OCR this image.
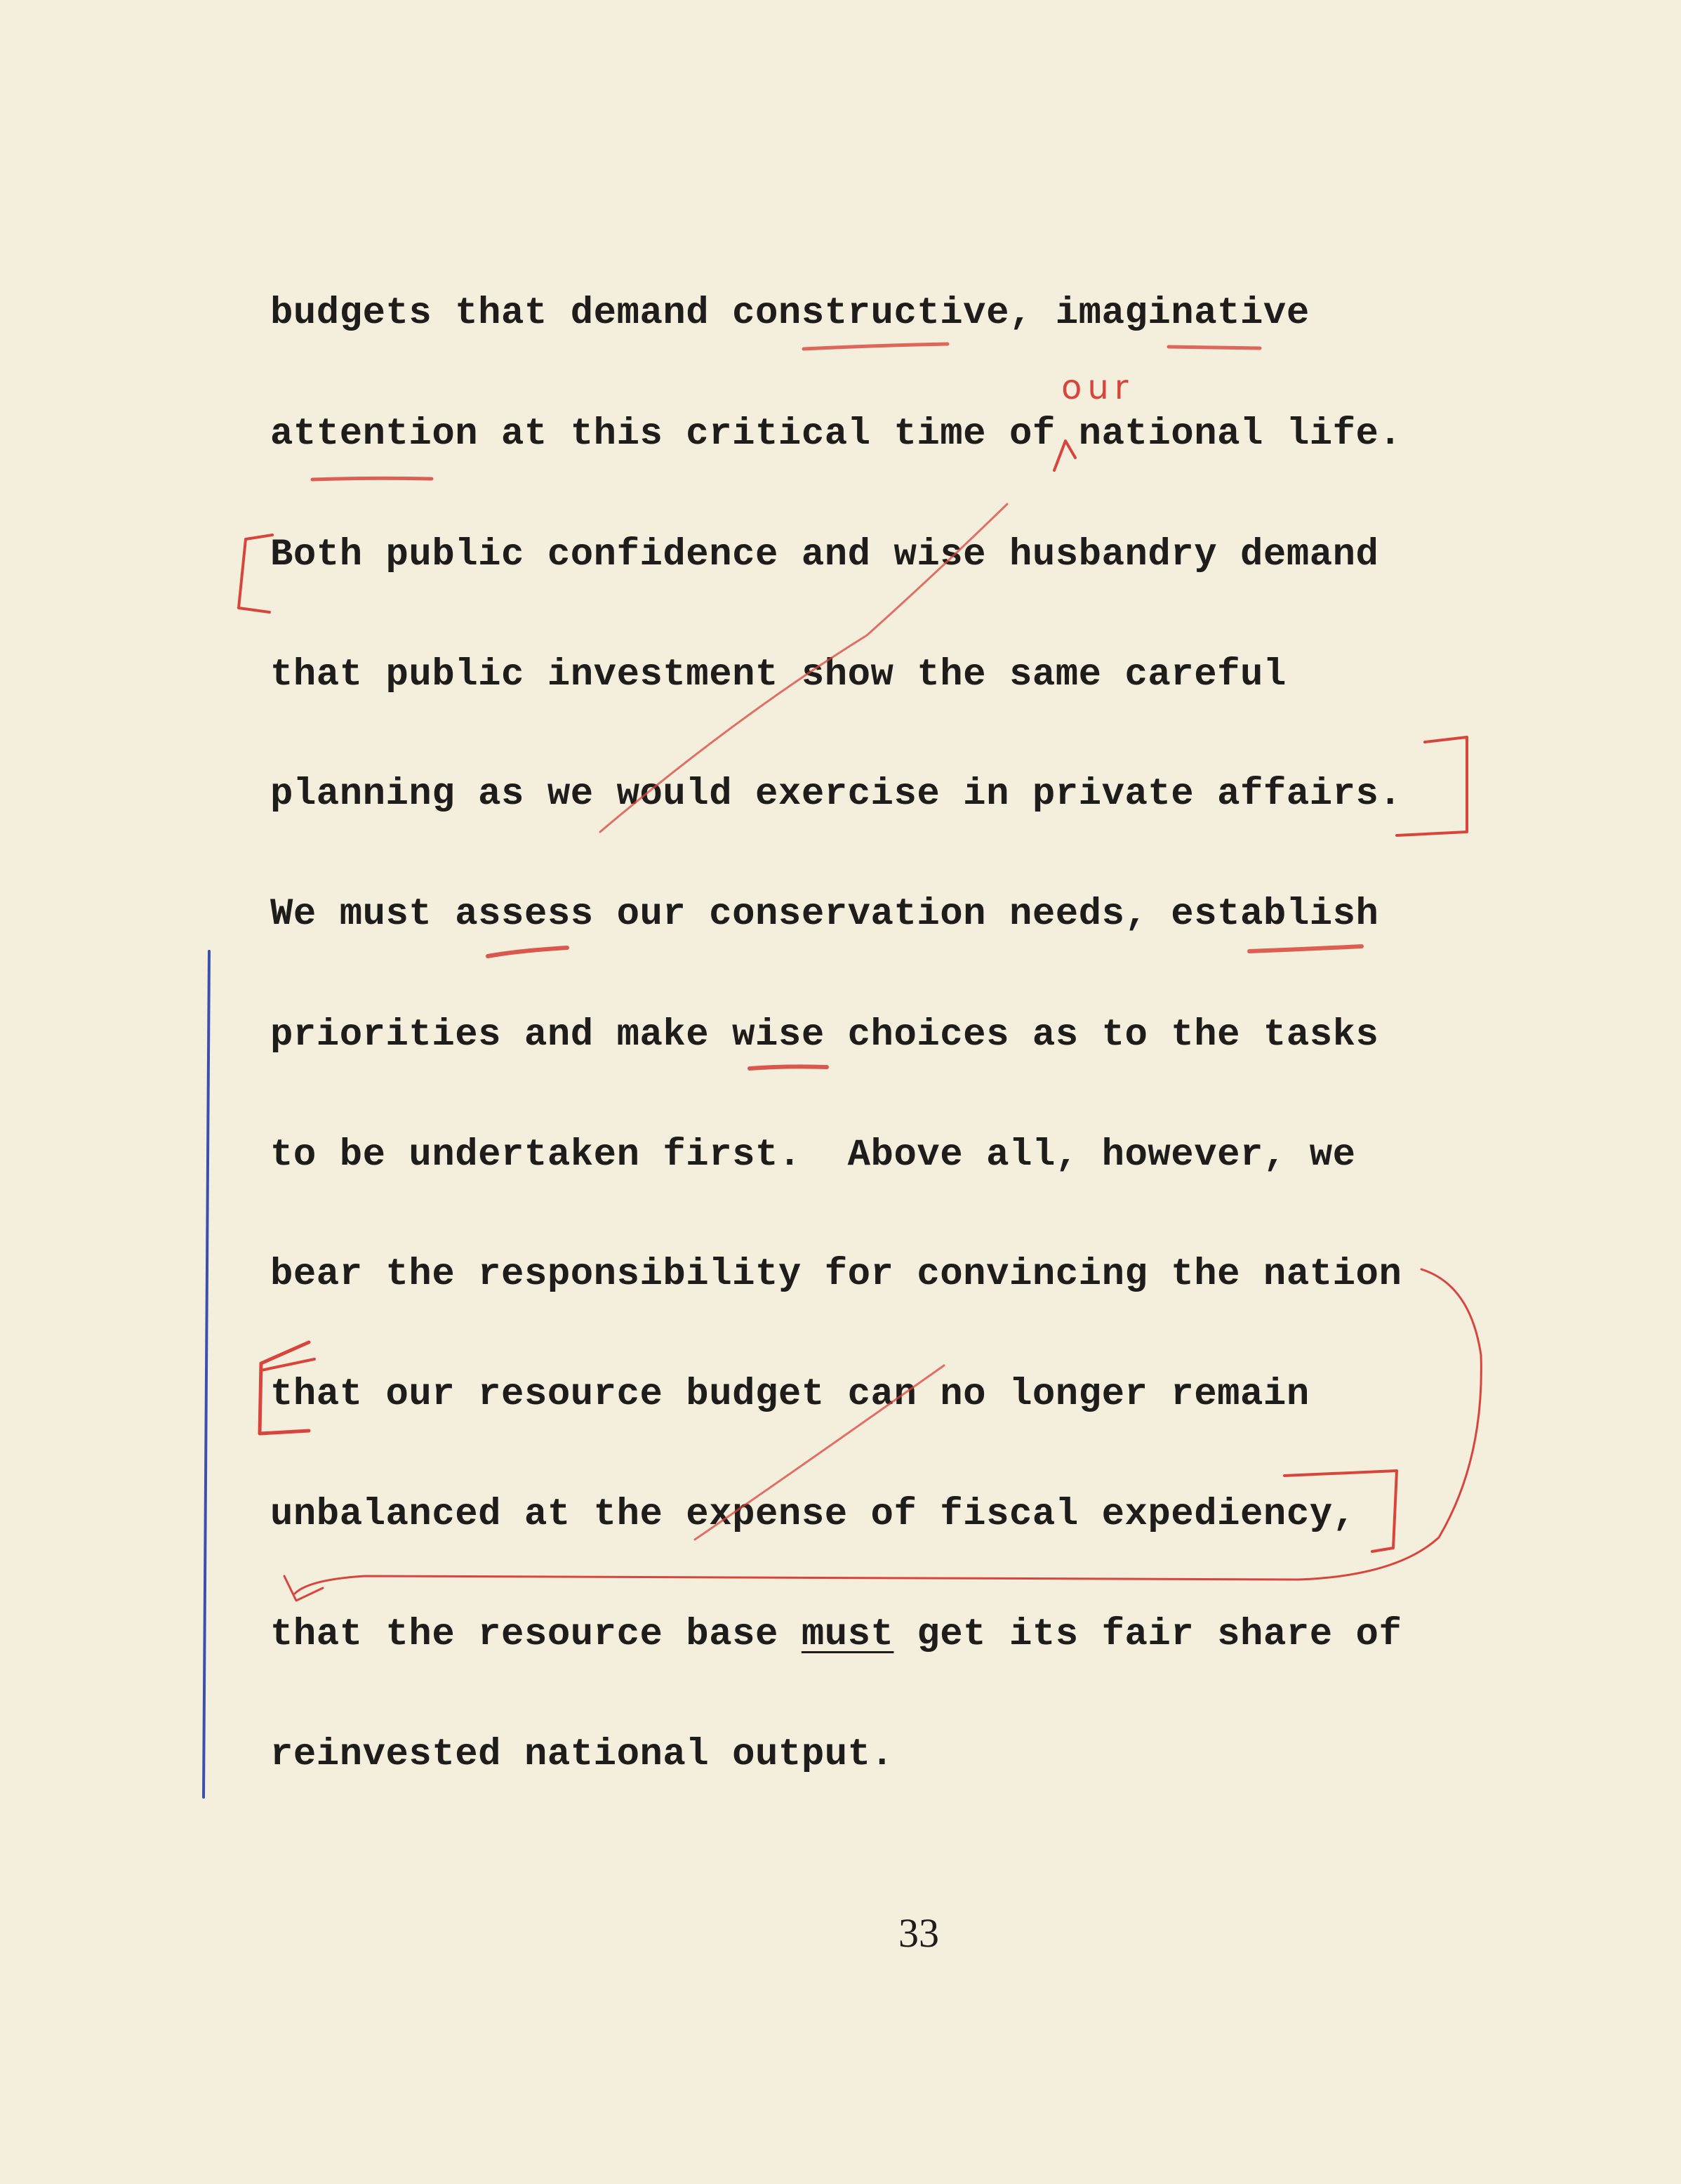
budgets that demand constructive, imaginative
attention at this critical time of national life.
Both public confidence and wise husbandry demand
that public investment show the same careful
planning as we would exercise in private affairs.
We must assess our conservation needs, establish
priorities and make wise choices as to the tasks
to be undertaken first.  Above all, however, we
bear the responsibility for convincing the nation
that our resource budget can no longer remain
unbalanced at the expense of fiscal expediency,
that the resource base must get its fair share of
reinvested national output.
33
our
